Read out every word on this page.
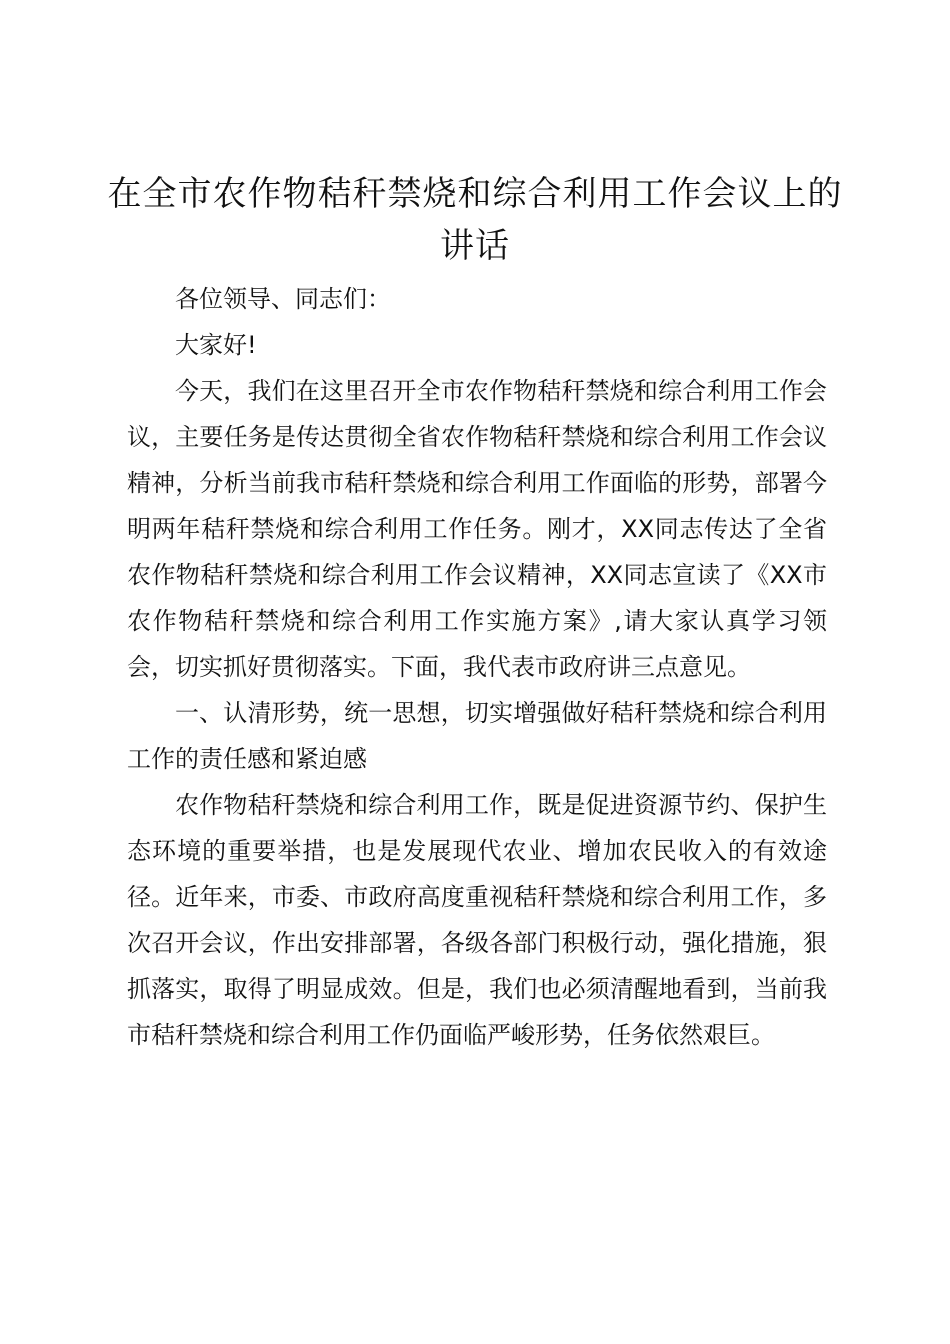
在全市农作物秸秆禁烧和综合利用工作会议上的讲话

各位领导、同志们：

大家好!

今天，我们在这里召开全市农作物秸秆禁烧和综合利用工作会议，主要任务是传达贯彻全省农作物秸秆禁烧和综合利用工作会议精神，分析当前我市秸秆禁烧和综合利用工作面临的形势，部署今明两年秸秆禁烧和综合利用工作任务。刚才，XX同志传达了全省农作物秸秆禁烧和综合利用工作会议精神，XX同志宣读了《XX市农作物秸秆禁烧和综合利用工作实施方案》,请大家认真学习领会，切实抓好贯彻落实。下面，我代表市政府讲三点意见。

一、认清形势，统一思想，切实增强做好秸秆禁烧和综合利用工作的责任感和紧迫感

农作物秸秆禁烧和综合利用工作，既是促进资源节约、保护生态环境的重要举措，也是发展现代农业、增加农民收入的有效途径。近年来，市委、市政府高度重视秸秆禁烧和综合利用工作，多次召开会议，作出安排部署，各级各部门积极行动，强化措施，狠抓落实，取得了明显成效。但是，我们也必须清醒地看到，当前我市秸秆禁烧和综合利用工作仍面临严峻形势，任务依然艰巨。
